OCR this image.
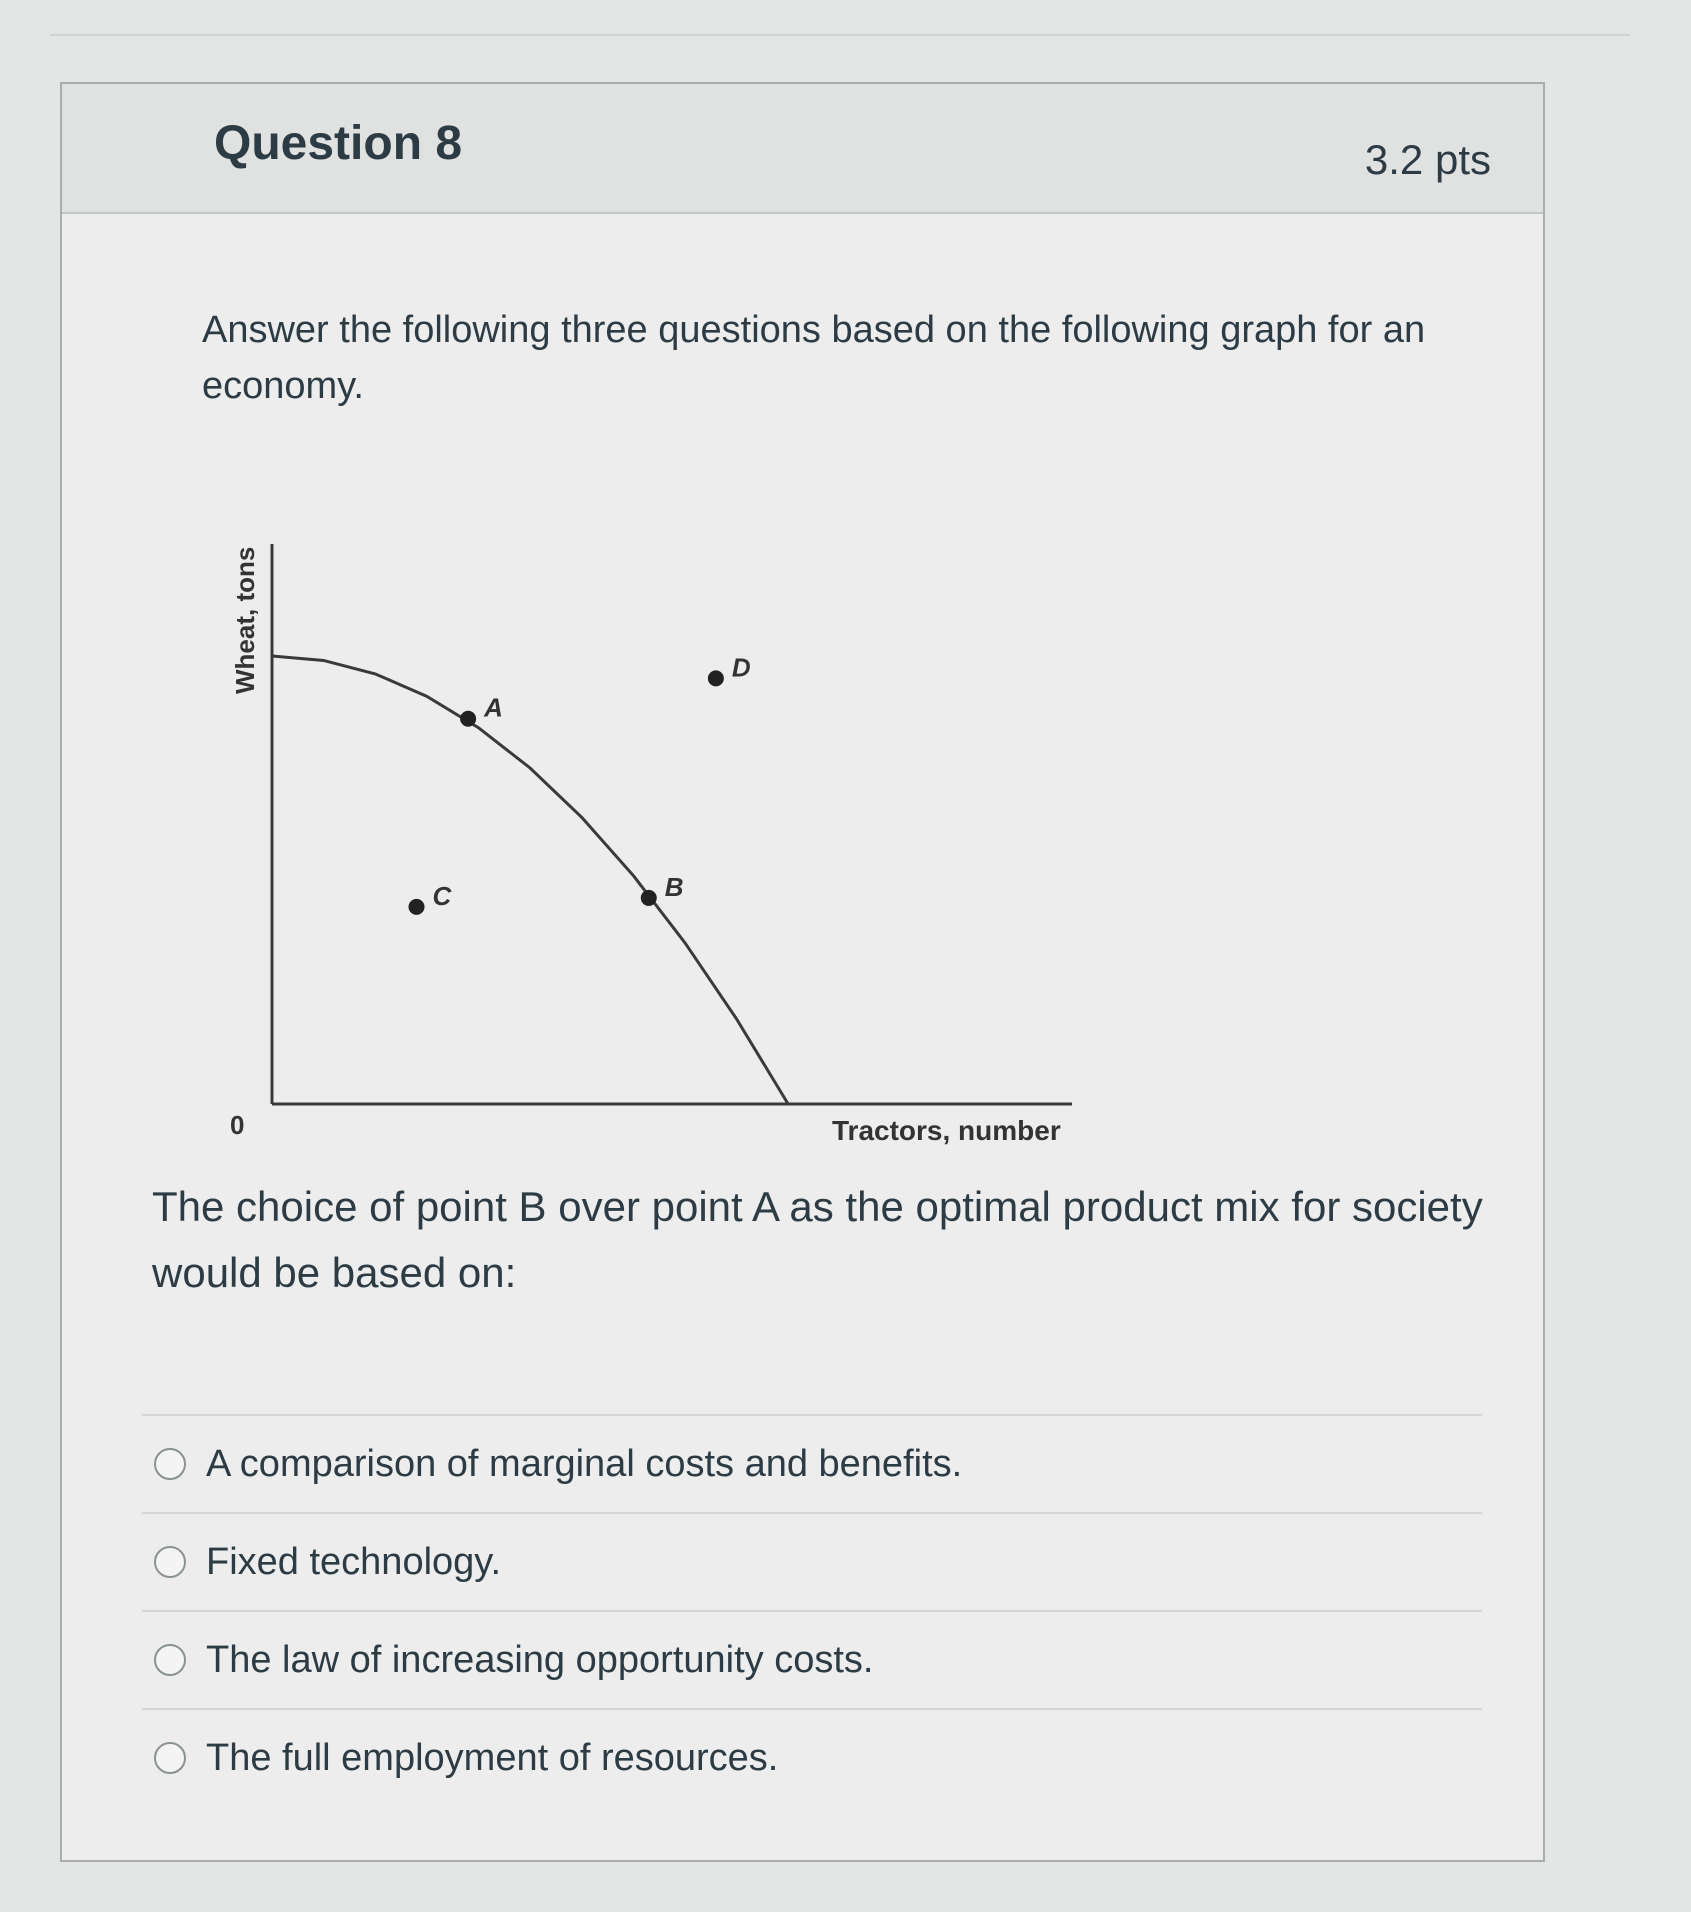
Question 8	3.2 pts
Answer the following three questions based on the following graph for an economy.
A
B
C
D
Wheat, tons
Tractors, number
0
The choice of point B over point A as the optimal product mix for society would be based on:
A comparison of marginal costs and benefits.
Fixed technology.
The law of increasing opportunity costs.
The full employment of resources.
